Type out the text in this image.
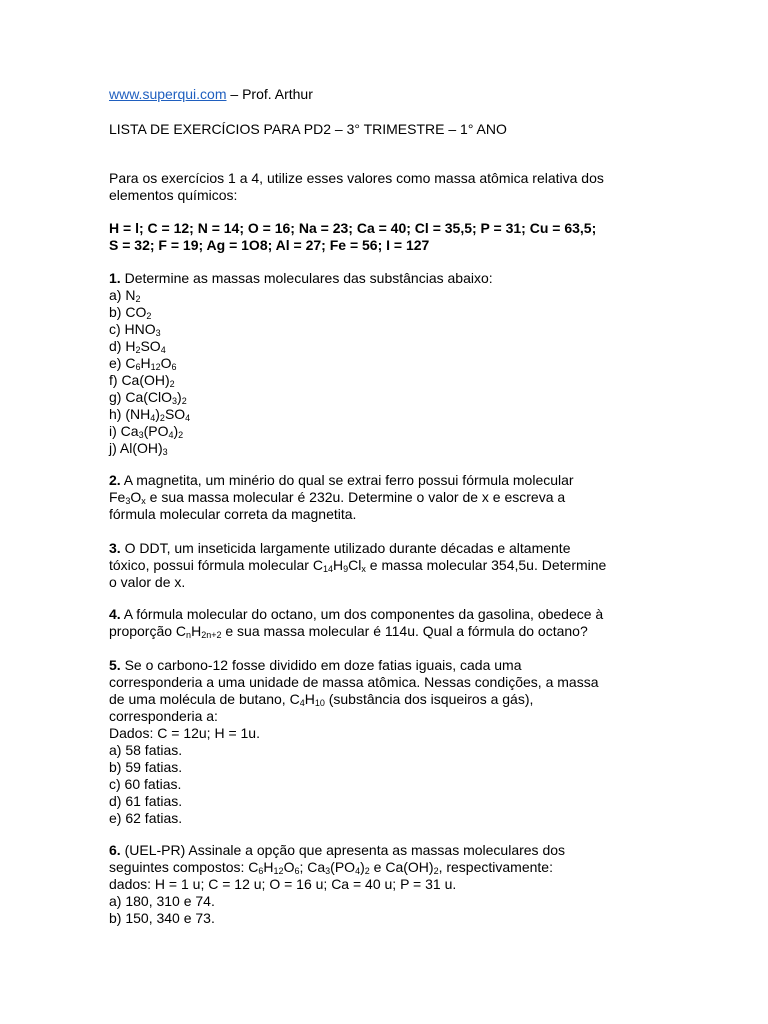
www.superqui.com – Prof. Arthur

LISTA DE EXERCÍCIOS PARA PD2 – 3° TRIMESTRE – 1° ANO

Para os exercícios 1 a 4, utilize esses valores como massa atômica relativa dos
elementos químicos:

H = l; C = 12; N = 14; O = 16; Na = 23; Ca = 40; Cl = 35,5; P = 31; Cu = 63,5;
S = 32; F = 19; Ag = 1O8; Al = 27; Fe = 56; I = 127

1. Determine as massas moleculares das substâncias abaixo:
a) $N_2$
b) $CO_2$
c) $HNO_3$
d) $H_2SO_4$
e) $C_6H_{12}O_6$
f) $Ca(OH)_2$
g) $Ca(ClO_3)_2$
h) $(NH_4)_2SO_4$
i) $Ca_3(PO_4)_2$
j) $Al(OH)_3$

2. A magnetita, um minério do qual se extrai ferro possui fórmula molecular
$Fe_3O_x$ e sua massa molecular é 232u. Determine o valor de x e escreva a
fórmula molecular correta da magnetita.

3. O DDT, um inseticida largamente utilizado durante décadas e altamente
tóxico, possui fórmula molecular $C_{14}H_9Cl_x$ e massa molecular 354,5u. Determine
o valor de x.

4. A fórmula molecular do octano, um dos componentes da gasolina, obedece à
proporção $C_nH_{2n+2}$ e sua massa molecular é 114u. Qual a fórmula do octano?

5. Se o carbono-12 fosse dividido em doze fatias iguais, cada uma
corresponderia a uma unidade de massa atômica. Nessas condições, a massa
de uma molécula de butano, $C_4H_{10}$ (substância dos isqueiros a gás),
corresponderia a:
Dados: C = 12u; H = 1u.
a) 58 fatias.
b) 59 fatias.
c) 60 fatias.
d) 61 fatias.
e) 62 fatias.

6. (UEL-PR) Assinale a opção que apresenta as massas moleculares dos
seguintes compostos: $C_6H_{12}O_6$; $Ca_3(PO_4)_2$ e $Ca(OH)_2$, respectivamente:
dados: H = 1 u; C = 12 u; O = 16 u; Ca = 40 u; P = 31 u.
a) 180, 310 e 74.
b) 150, 340 e 73.
